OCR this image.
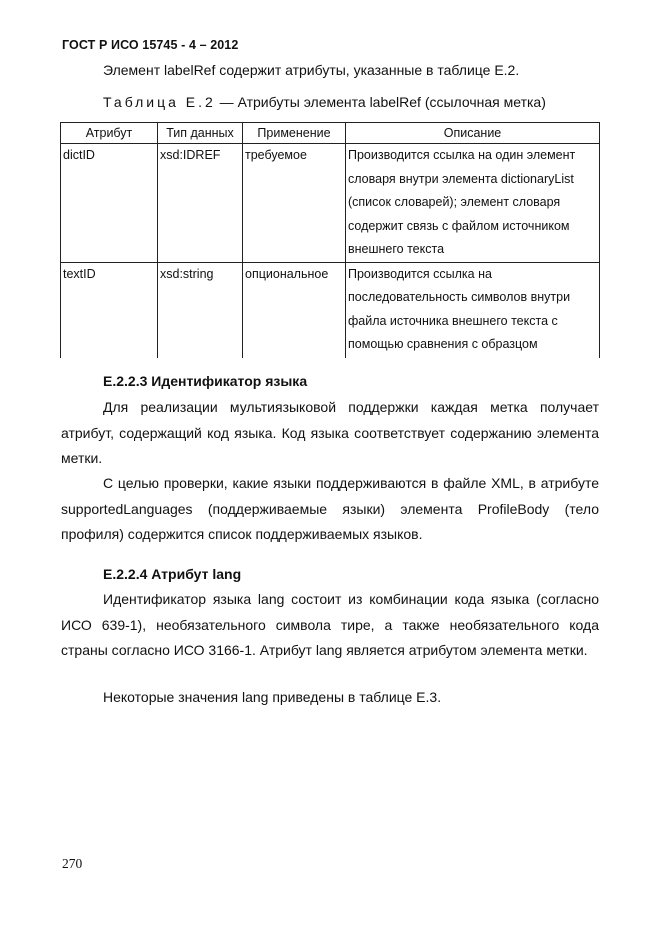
ГОСТ Р ИСО 15745 - 4 – 2012
Элемент labelRef содержит атрибуты, указанные в таблице Е.2.
Таблица Е.2 — Атрибуты элемента labelRef (ссылочная метка)
Атрибут	Тип данных	Применение	Описание
dictID	xsd:IDREF	требуемое	Производится ссылка на один элемент словаря внутри элемента dictionaryList (список словарей); элемент словаря содержит связь с файлом источником внешнего текста
textID	xsd:string	опциональное	Производится ссылка на последовательность символов внутри файла источника внешнего текста с помощью сравнения с образцом
Е.2.2.3 Идентификатор языка
Для реализации мультиязыковой поддержки каждая метка получает атрибут, содержащий код языка. Код языка соответствует содержанию элемента метки.
С целью проверки, какие языки поддерживаются в файле XML, в атрибуте supportedLanguages (поддерживаемые языки) элемента ProfileBody (тело профиля) содержится список поддерживаемых языков.
Е.2.2.4 Атрибут lang
Идентификатор языка lang состоит из комбинации кода языка (согласно ИСО 639-1), необязательного символа тире, а также необязательного кода страны согласно ИСО 3166-1. Атрибут lang является атрибутом элемента метки.
Некоторые значения lang приведены в таблице Е.3.
270
